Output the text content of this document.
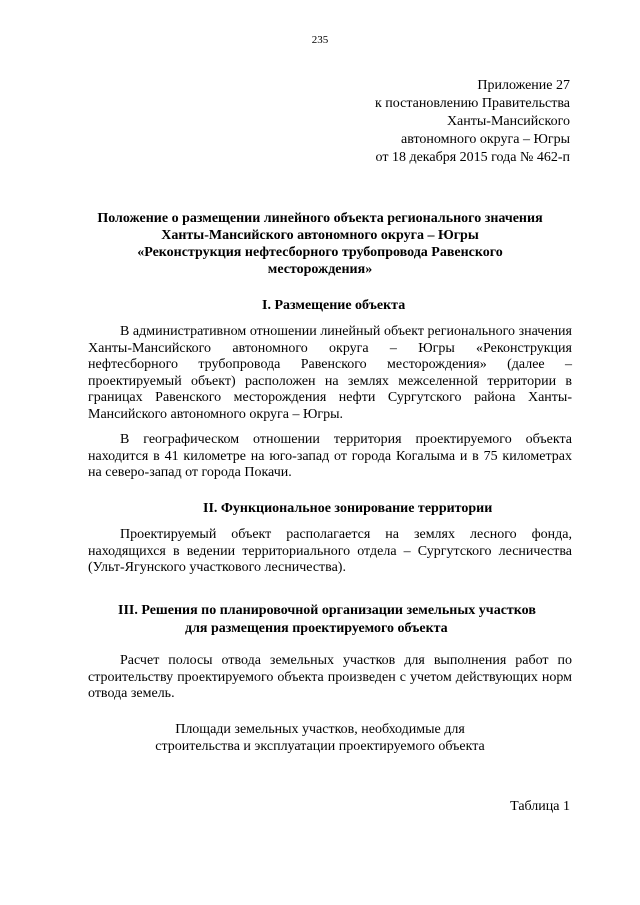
235
Приложение 27
к постановлению Правительства
Ханты-Мансийского
автономного округа – Югры
от 18 декабря 2015 года № 462-п
Положение о размещении линейного объекта регионального значения
Ханты-Мансийского автономного округа – Югры
«Реконструкция нефтесборного трубопровода Равенского
месторождения»
I. Размещение объекта
В административном отношении линейный объект регионального значения Ханты-Мансийского автономного округа – Югры «Реконструкция нефтесборного трубопровода Равенского месторождения» (далее – проектируемый объект) расположен на землях межселенной территории в границах Равенского месторождения нефти Сургутского района Ханты-Мансийского автономного округа – Югры.
В географическом отношении территория проектируемого объекта находится в 41 километре на юго-запад от города Когалыма и в 75 километрах на северо-запад от города Покачи.
II. Функциональное зонирование территории
Проектируемый объект располагается на землях лесного фонда, находящихся в ведении территориального отдела – Сургутского лесничества (Ульт-Ягунского участкового лесничества).
III. Решения по планировочной организации земельных участков
для размещения проектируемого объекта
Расчет полосы отвода земельных участков для выполнения работ по строительству проектируемого объекта произведен с учетом действующих норм отвода земель.
Площади земельных участков, необходимые для
строительства и эксплуатации проектируемого объекта
Таблица 1
